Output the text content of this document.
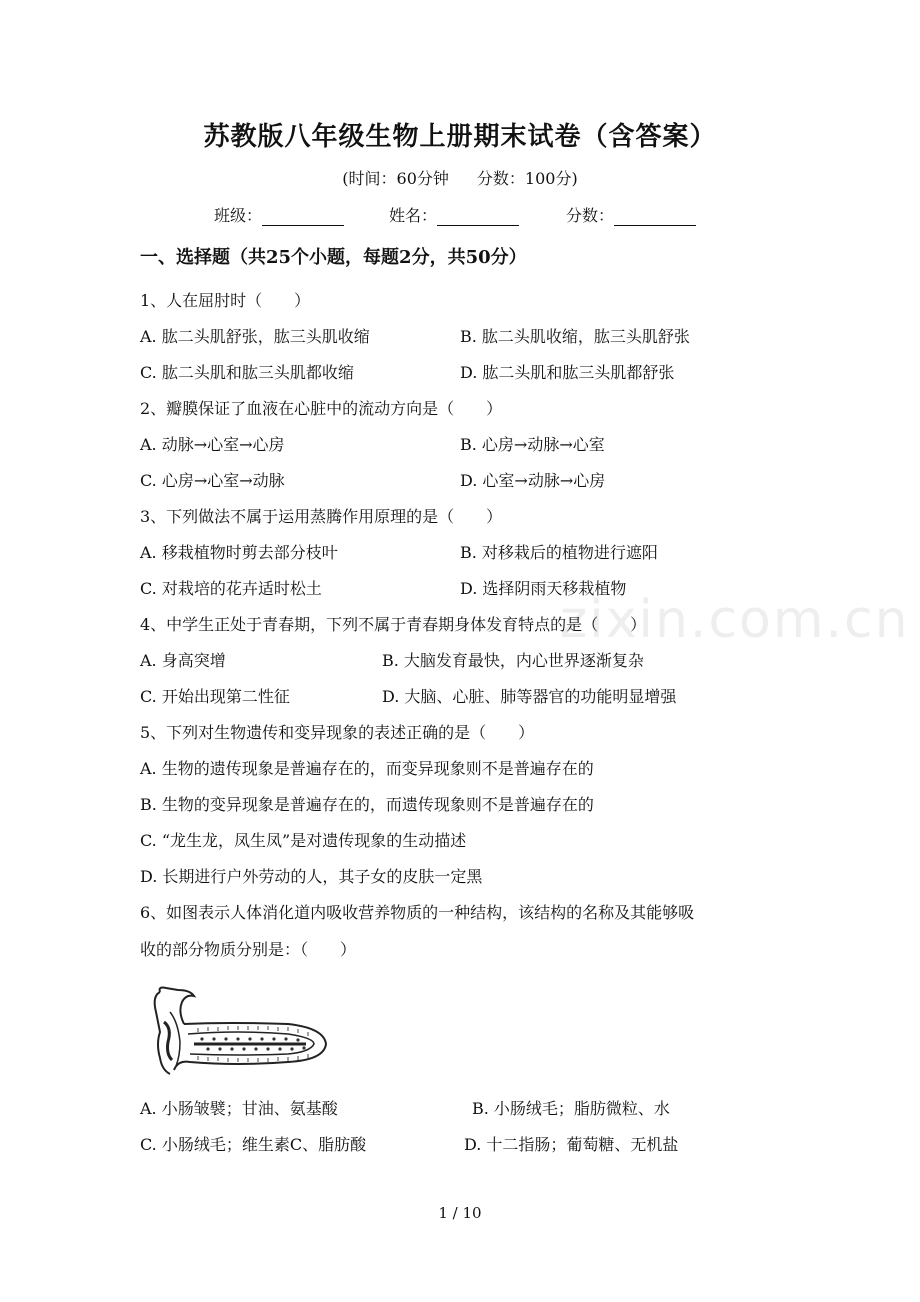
zixin.com.cn
苏教版八年级生物上册期末试卷（含答案）
(时间：60分钟 分数：100分)
班级：	姓名：	分数：
一、选择题（共25个小题，每题2分，共50分）
1、人在屈肘时（　　）
A. 肱二头肌舒张，肱三头肌收缩	B. 肱二头肌收缩，肱三头肌舒张
C. 肱二头肌和肱三头肌都收缩	D. 肱二头肌和肱三头肌都舒张
2、瓣膜保证了血液在心脏中的流动方向是（　　）
A. 动脉→心室→心房	B. 心房→动脉→心室
C. 心房→心室→动脉	D. 心室→动脉→心房
3、下列做法不属于运用蒸腾作用原理的是（　　）
A. 移栽植物时剪去部分枝叶	B. 对移栽后的植物进行遮阳
C. 对栽培的花卉适时松土	D. 选择阴雨天移栽植物
4、中学生正处于青春期，下列不属于青春期身体发育特点的是（　　）
A. 身高突增	B. 大脑发育最快，内心世界逐渐复杂
C. 开始出现第二性征	D. 大脑、心脏、肺等器官的功能明显增强
5、下列对生物遗传和变异现象的表述正确的是（　　）
A. 生物的遗传现象是普遍存在的，而变异现象则不是普遍存在的
B. 生物的变异现象是普遍存在的，而遗传现象则不是普遍存在的
C. “龙生龙，凤生凤”是对遗传现象的生动描述
D. 长期进行户外劳动的人，其子女的皮肤一定黑
6、如图表示人体消化道内吸收营养物质的一种结构，该结构的名称及其能够吸
收的部分物质分别是：（　　）
A. 小肠皱襞；甘油、氨基酸	B. 小肠绒毛；脂肪微粒、水
C. 小肠绒毛；维生素C、脂肪酸	D. 十二指肠；葡萄糖、无机盐
1 / 10
